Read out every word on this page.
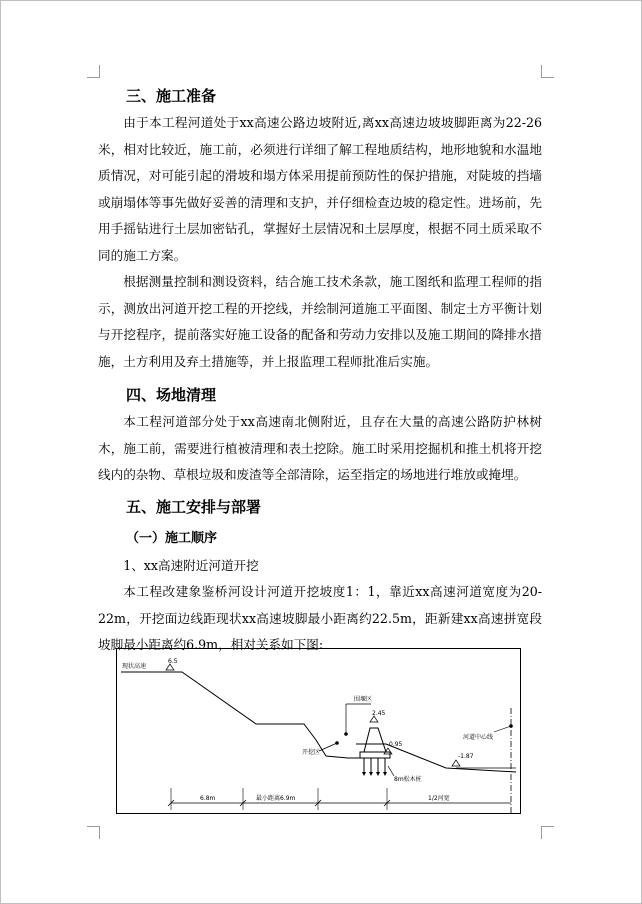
三、施工准备

由于本工程河道处于xx高速公路边坡附近,离xx高速边坡坡脚距离为22-26米，相对比较近，施工前，必须进行详细了解工程地质结构，地形地貌和水温地质情况，对可能引起的滑坡和塌方体采用提前预防性的保护措施，对陡坡的挡墙或崩塌体等事先做好妥善的清理和支护，并仔细检查边坡的稳定性。进场前，先用手摇钻进行土层加密钻孔，掌握好土层情况和土层厚度，根据不同土质采取不同的施工方案。

根据测量控制和测设资料，结合施工技术条款，施工图纸和监理工程师的指示，测放出河道开挖工程的开挖线，并绘制河道施工平面图、制定土方平衡计划与开挖程序，提前落实好施工设备的配备和劳动力安排以及施工期间的降排水措施，土方利用及弃土措施等，并上报监理工程师批准后实施。

四、场地清理

本工程河道部分处于xx高速南北侧附近，且存在大量的高速公路防护林树木，施工前，需要进行植被清理和表土挖除。施工时采用挖掘机和推土机将开挖线内的杂物、草根垃圾和废渣等全部清除，运至指定的场地进行堆放或掩埋。

五、施工安排与部署
（一）施工顺序

1、xx高速附近河道开挖

本工程改建象鉴桥河设计河道开挖坡度1：1，靠近xx高速河道宽度为20-22m，开挖面边线距现状xx高速坡脚最小距离约22.5m，距新建xx高速拼宽段坡脚最小距离约6.9m，相对关系如下图:

现状高速
6.5
围堰区
2.45
0.95
开挖区
8m松木桩
-1.87
河道中心线
6.8m	最小距离6.9m	1/2河宽
